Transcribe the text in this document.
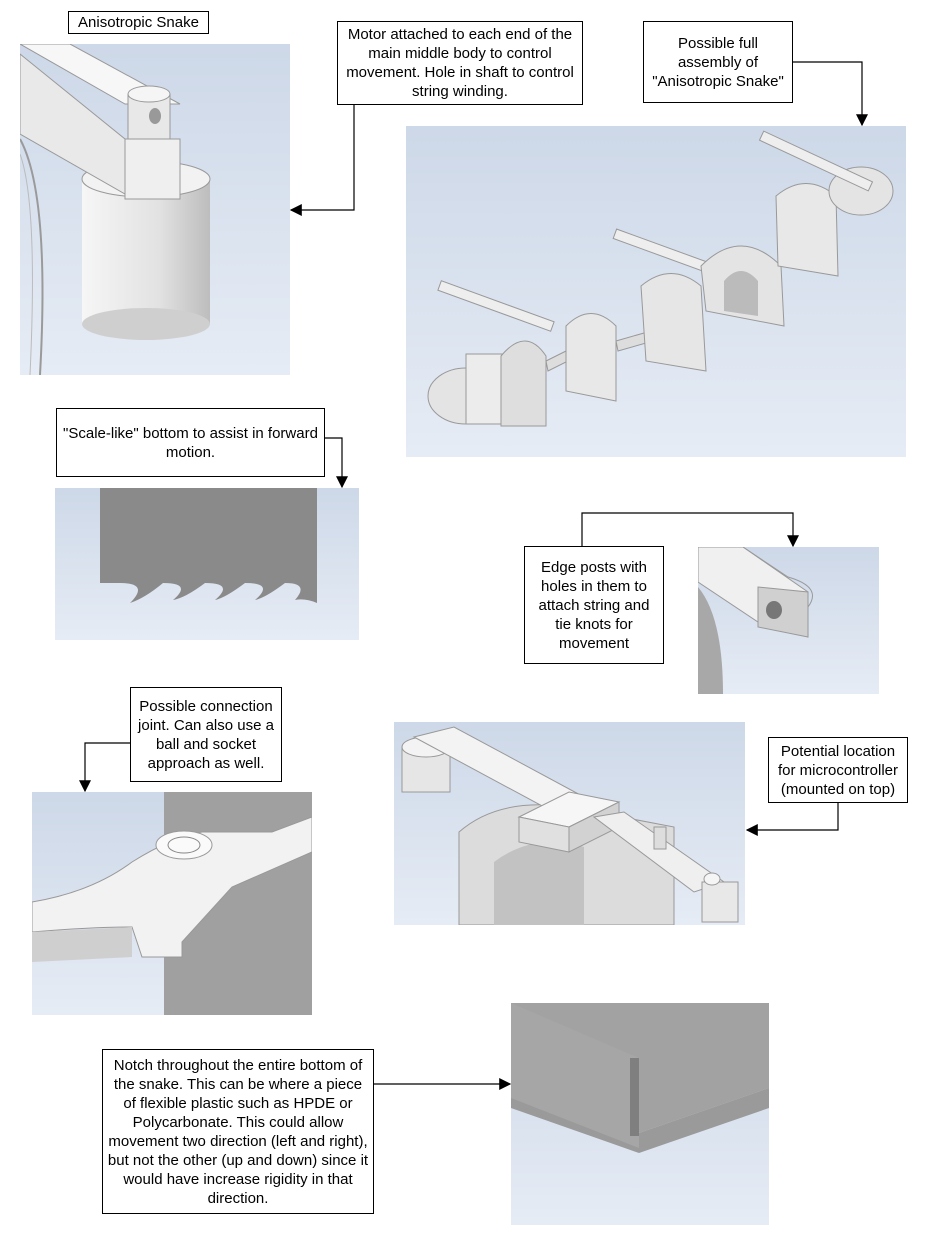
Anisotropic Snake
Motor attached to each end of the main middle body to control movement. Hole in shaft to control string winding.
Possible full assembly of "Anisotropic Snake"
"Scale-like" bottom to assist in forward motion.
Edge posts with holes in them to attach string and tie knots for movement
Possible connection joint. Can also use a ball and socket approach as well.
Potential location for microcontroller (mounted on top)
Notch throughout the entire bottom of the snake. This can be where a piece of flexible plastic such as HPDE or Polycarbonate. This could allow movement two direction (left and right), but not the other (up and down) since it would have increase rigidity in that direction.
